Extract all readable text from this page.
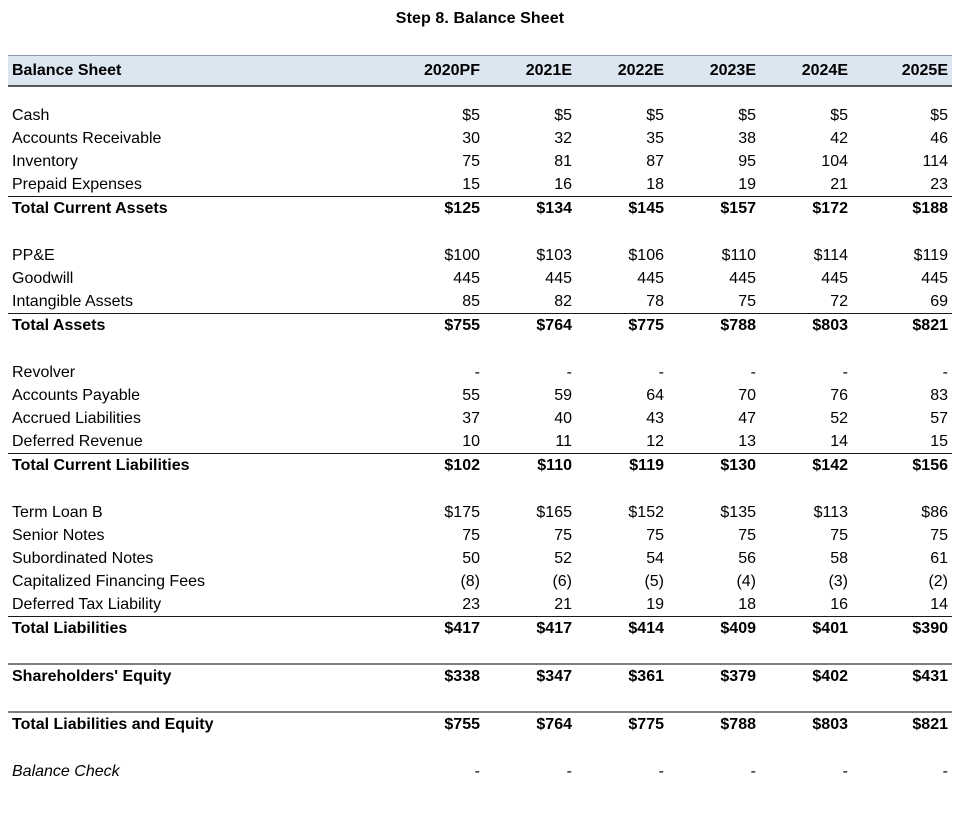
Step 8. Balance Sheet
Balance Sheet	2020PF	2021E	2022E	2023E	2024E	2025E

Cash	$5	$5	$5	$5	$5	$5
Accounts Receivable	30	32	35	38	42	46
Inventory	75	81	87	95	104	114
Prepaid Expenses	15	16	18	19	21	23
Total Current Assets	$125	$134	$145	$157	$172	$188

PP&E	$100	$103	$106	$110	$114	$119
Goodwill	445	445	445	445	445	445
Intangible Assets	85	82	78	75	72	69
Total Assets	$755	$764	$775	$788	$803	$821

Revolver	-	-	-	-	-	-
Accounts Payable	55	59	64	70	76	83
Accrued Liabilities	37	40	43	47	52	57
Deferred Revenue	10	11	12	13	14	15
Total Current Liabilities	$102	$110	$119	$130	$142	$156

Term Loan B	$175	$165	$152	$135	$113	$86
Senior Notes	75	75	75	75	75	75
Subordinated Notes	50	52	54	56	58	61
Capitalized Financing Fees	(8)	(6)	(5)	(4)	(3)	(2)
Deferred Tax Liability	23	21	19	18	16	14
Total Liabilities	$417	$417	$414	$409	$401	$390

Shareholders' Equity	$338	$347	$361	$379	$402	$431

Total Liabilities and Equity	$755	$764	$775	$788	$803	$821

Balance Check	-	-	-	-	-	-
